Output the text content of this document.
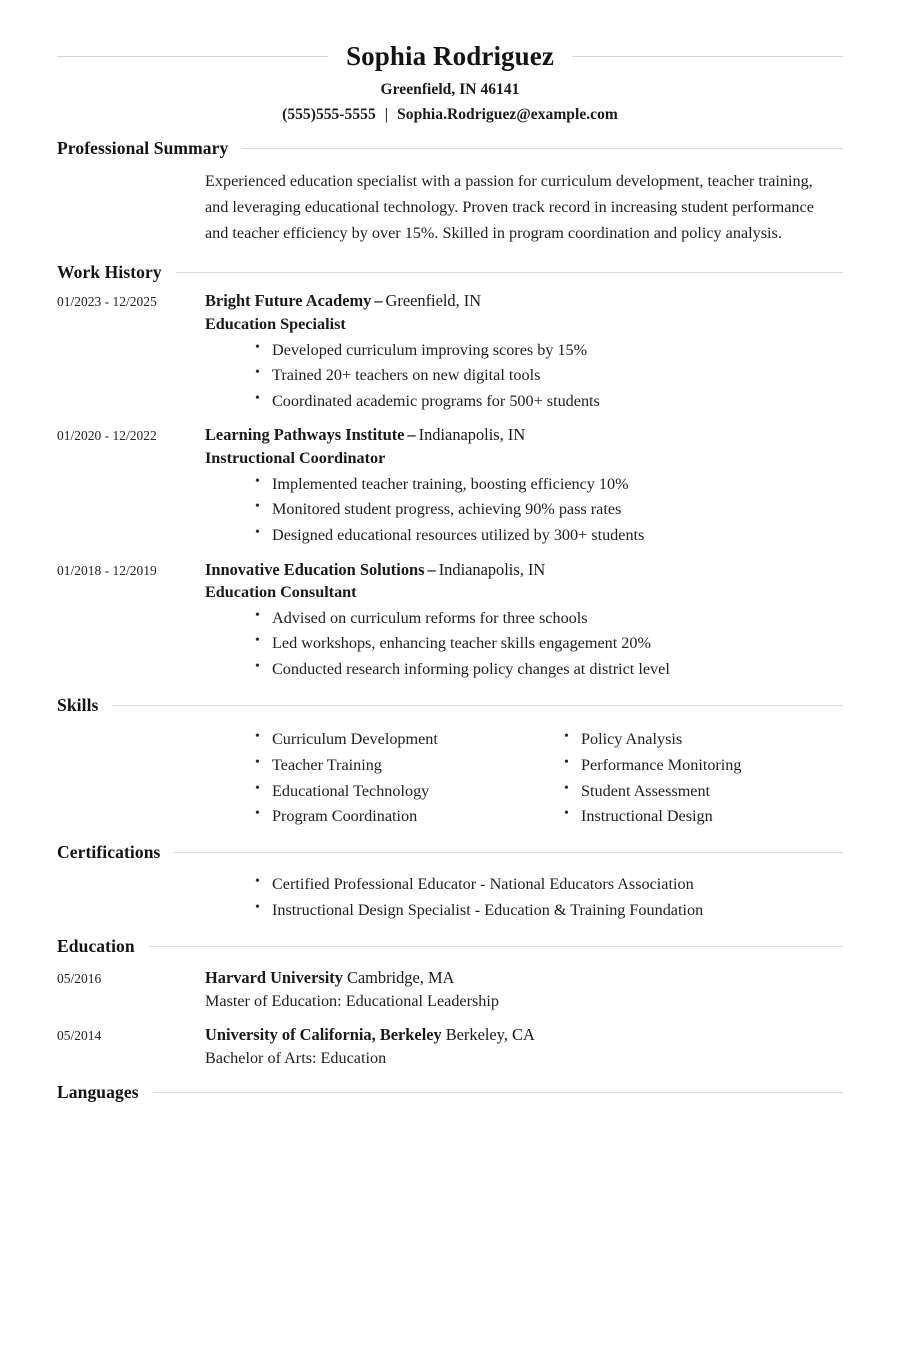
Sophia Rodriguez
Greenfield, IN 46141
(555)555-5555 | Sophia.Rodriguez@example.com
Professional Summary
Experienced education specialist with a passion for curriculum development, teacher training, and leveraging educational technology. Proven track record in increasing student performance and teacher efficiency by over 15%. Skilled in program coordination and policy analysis.
Work History
01/2023 - 12/2025	Bright Future Academy – Greenfield, IN
Education Specialist
• Developed curriculum improving scores by 15%
• Trained 20+ teachers on new digital tools
• Coordinated academic programs for 500+ students
01/2020 - 12/2022	Learning Pathways Institute – Indianapolis, IN
Instructional Coordinator
• Implemented teacher training, boosting efficiency 10%
• Monitored student progress, achieving 90% pass rates
• Designed educational resources utilized by 300+ students
01/2018 - 12/2019	Innovative Education Solutions – Indianapolis, IN
Education Consultant
• Advised on curriculum reforms for three schools
• Led workshops, enhancing teacher skills engagement 20%
• Conducted research informing policy changes at district level
Skills
• Curriculum Development
• Teacher Training
• Educational Technology
• Program Coordination
• Policy Analysis
• Performance Monitoring
• Student Assessment
• Instructional Design
Certifications
• Certified Professional Educator - National Educators Association
• Instructional Design Specialist - Education & Training Foundation
Education
05/2016	Harvard University Cambridge, MA
Master of Education: Educational Leadership
05/2014	University of California, Berkeley Berkeley, CA
Bachelor of Arts: Education
Languages
